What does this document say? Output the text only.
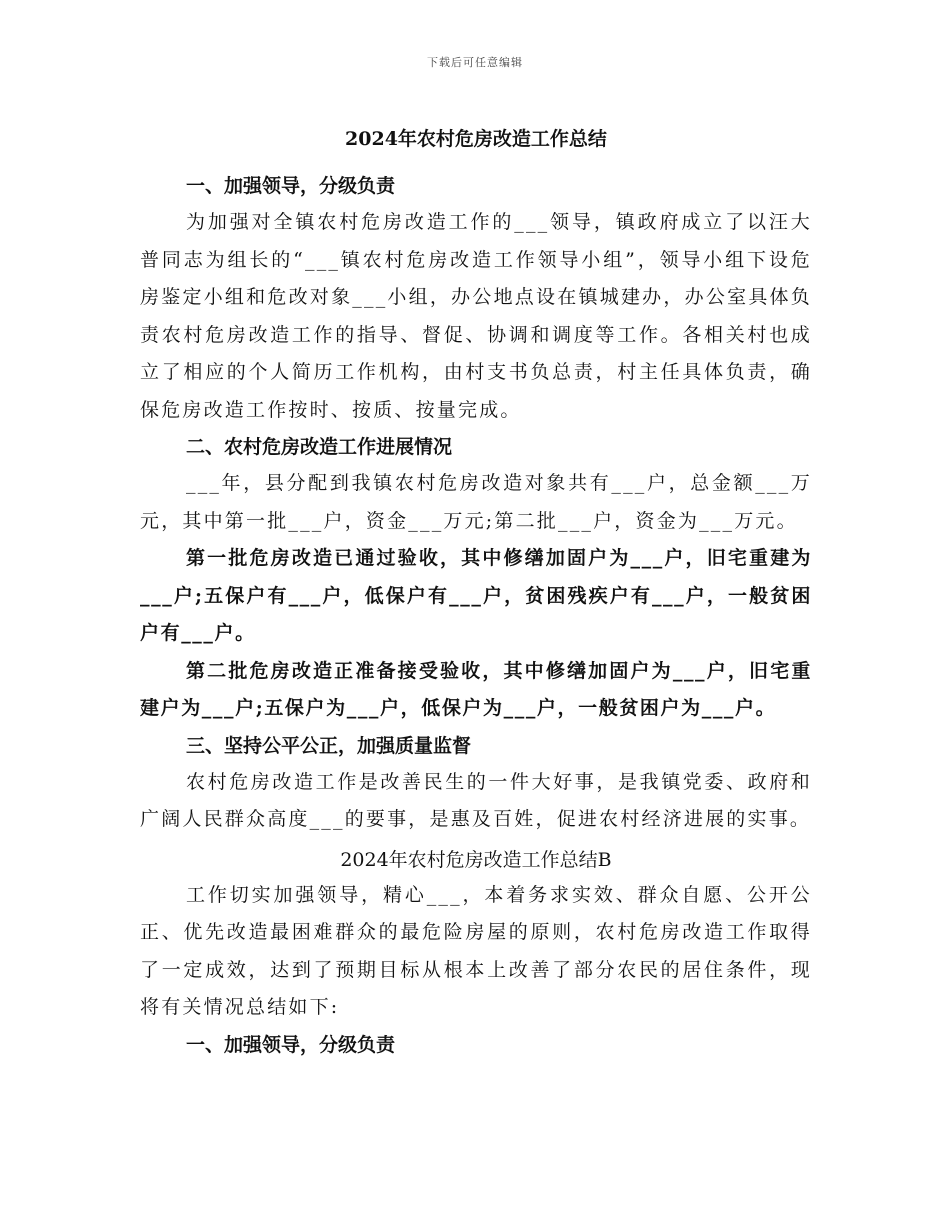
下载后可任意编辑

2024年农村危房改造工作总结

一、加强领导，分级负责

为加强对全镇农村危房改造工作的___领导，镇政府成立了以汪大普同志为组长的“___镇农村危房改造工作领导小组”，领导小组下设危房鉴定小组和危改对象___小组，办公地点设在镇城建办，办公室具体负责农村危房改造工作的指导、督促、协调和调度等工作。各相关村也成立了相应的个人简历工作机构，由村支书负总责，村主任具体负责，确保危房改造工作按时、按质、按量完成。

二、农村危房改造工作进展情况

___年，县分配到我镇农村危房改造对象共有___户，总金额___万元，其中第一批___户，资金___万元;第二批___户，资金为___万元。

第一批危房改造已通过验收，其中修缮加固户为___户，旧宅重建为___户;五保户有___户，低保户有___户，贫困残疾户有___户，一般贫困户有___户。

第二批危房改造正准备接受验收，其中修缮加固户为___户，旧宅重建户为___户;五保户为___户，低保户为___户，一般贫困户为___户。

三、坚持公平公正，加强质量监督

农村危房改造工作是改善民生的一件大好事，是我镇党委、政府和广阔人民群众高度___的要事，是惠及百姓，促进农村经济进展的实事。

2024年农村危房改造工作总结B

工作切实加强领导，精心___，本着务求实效、群众自愿、公开公正、优先改造最困难群众的最危险房屋的原则，农村危房改造工作取得了一定成效，达到了预期目标从根本上改善了部分农民的居住条件，现将有关情况总结如下:

一、加强领导，分级负责
